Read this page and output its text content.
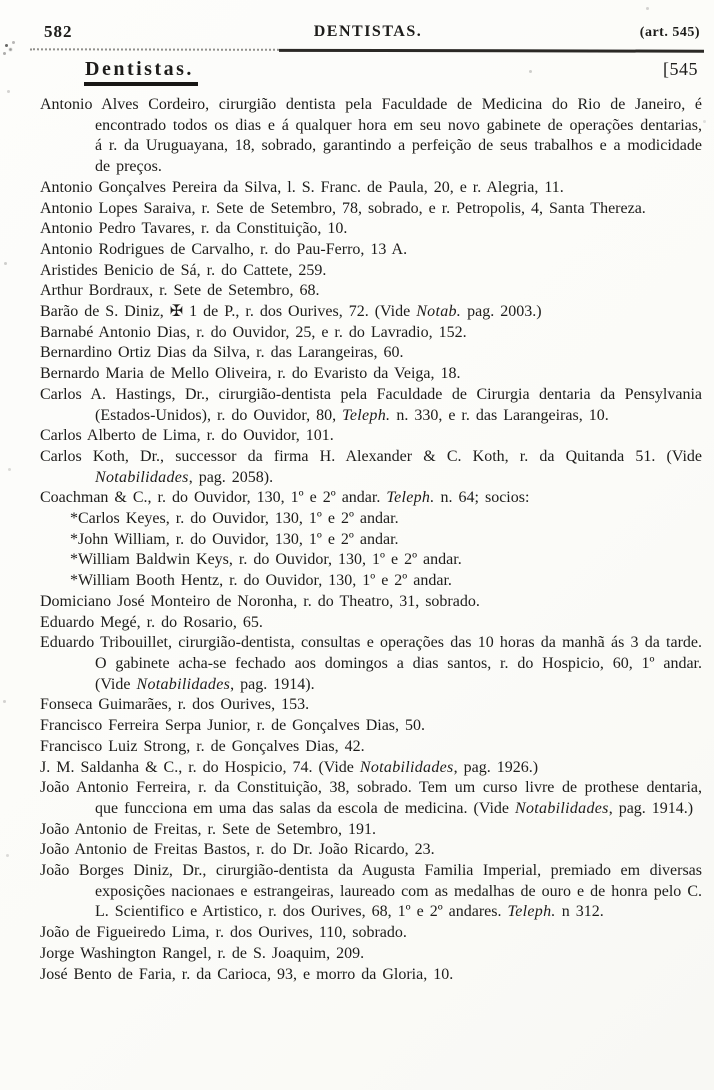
582	DENTISTAS.	(art. 545)
Dentistas.	[545

Antonio Alves Cordeiro, cirurgião dentista pela Faculdade de Medicina do Rio de Janeiro, é encontrado todos os dias e á qualquer hora em seu novo gabinete de operações dentarias, á r. da Uruguayana, 18, sobrado, garantindo a perfeição de seus trabalhos e a modicidade de preços.

Antonio Gonçalves Pereira da Silva, l. S. Franc. de Paula, 20, e r. Alegria, 11.

Antonio Lopes Saraiva, r. Sete de Setembro, 78, sobrado, e r. Petropolis, 4, Santa Thereza.

Antonio Pedro Tavares, r. da Constituição, 10.

Antonio Rodrigues de Carvalho, r. do Pau-Ferro, 13 A.

Aristides Benicio de Sá, r. do Cattete, 259.

Arthur Bordraux, r. Sete de Setembro, 68.

Barão de S. Diniz, ✠ 1 de P., r. dos Ourives, 72. (Vide Notab. pag. 2003.)

Barnabé Antonio Dias, r. do Ouvidor, 25, e r. do Lavradio, 152.

Bernardino Ortiz Dias da Silva, r. das Larangeiras, 60.

Bernardo Maria de Mello Oliveira, r. do Evaristo da Veiga, 18.

Carlos A. Hastings, Dr., cirurgião-dentista pela Faculdade de Cirurgia dentaria da Pensylvania (Estados-Unidos), r. do Ouvidor, 80, Teleph. n. 330, e r. das Larangeiras, 10.

Carlos Alberto de Lima, r. do Ouvidor, 101.

Carlos Koth, Dr., successor da firma H. Alexander & C. Koth, r. da Quitanda 51. (Vide Notabilidades, pag. 2058).

Coachman & C., r. do Ouvidor, 130, 1º e 2º andar. Teleph. n. 64; socios:

*Carlos Keyes, r. do Ouvidor, 130, 1º e 2º andar.

*John William, r. do Ouvidor, 130, 1º e 2º andar.

*William Baldwin Keys, r. do Ouvidor, 130, 1º e 2º andar.

*William Booth Hentz, r. do Ouvidor, 130, 1º e 2º andar.

Domiciano José Monteiro de Noronha, r. do Theatro, 31, sobrado.

Eduardo Megé, r. do Rosario, 65.

Eduardo Tribouillet, cirurgião-dentista, consultas e operações das 10 horas da manhã ás 3 da tarde. O gabinete acha-se fechado aos domingos a dias santos, r. do Hospicio, 60, 1º andar. (Vide Notabilidades, pag. 1914).

Fonseca Guimarães, r. dos Ourives, 153.

Francisco Ferreira Serpa Junior, r. de Gonçalves Dias, 50.

Francisco Luiz Strong, r. de Gonçalves Dias, 42.

J. M. Saldanha & C., r. do Hospicio, 74. (Vide Notabilidades, pag. 1926.)

João Antonio Ferreira, r. da Constituição, 38, sobrado. Tem um curso livre de prothese dentaria, que funcciona em uma das salas da escola de medicina. (Vide Notabilidades, pag. 1914.)

João Antonio de Freitas, r. Sete de Setembro, 191.

João Antonio de Freitas Bastos, r. do Dr. João Ricardo, 23.

João Borges Diniz, Dr., cirurgião-dentista da Augusta Familia Imperial, premiado em diversas exposições nacionaes e estrangeiras, laureado com as medalhas de ouro e de honra pelo C. L. Scientifico e Artistico, r. dos Ourives, 68, 1º e 2º andares. Teleph. n 312.

João de Figueiredo Lima, r. dos Ourives, 110, sobrado.

Jorge Washington Rangel, r. de S. Joaquim, 209.

José Bento de Faria, r. da Carioca, 93, e morro da Gloria, 10.
